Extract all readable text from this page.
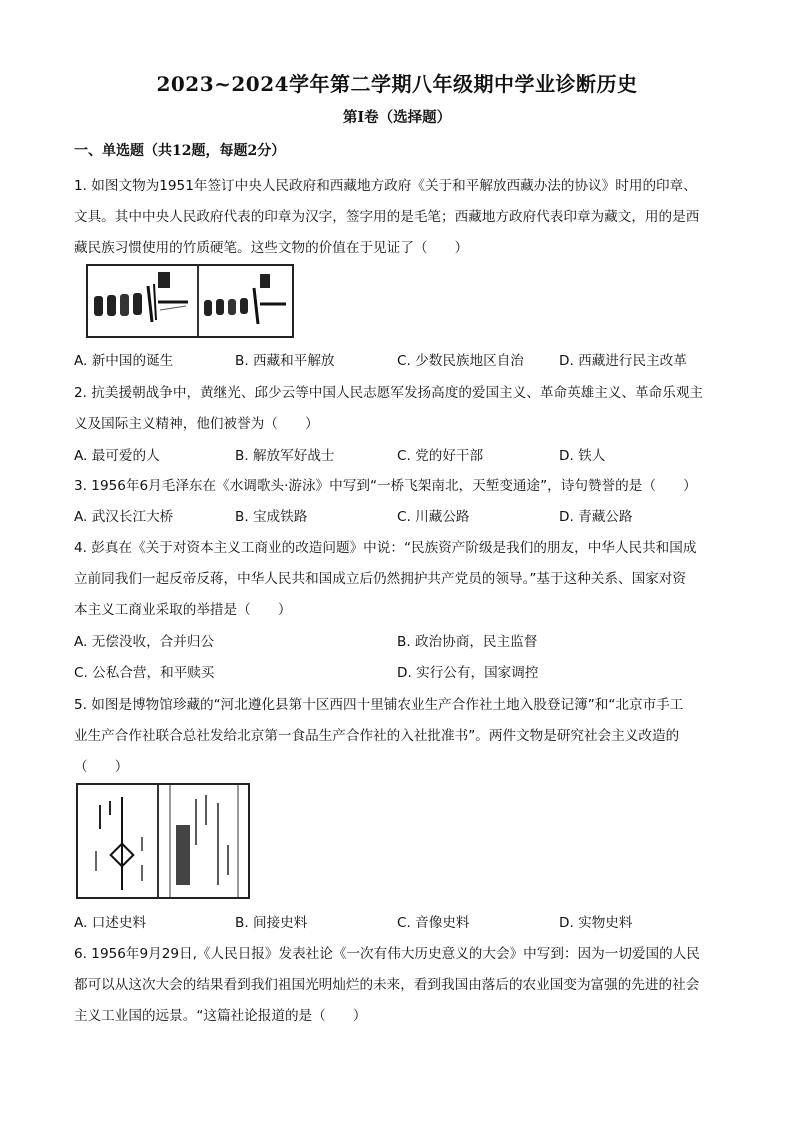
2023~2024学年第二学期八年级期中学业诊断历史
第Ⅰ卷（选择题）
一、单选题（共12题，每题2分）
1. 如图文物为1951年签订中央人民政府和西藏地方政府《关于和平解放西藏办法的协议》时用的印章、
文具。其中中央人民政府代表的印章为汉字，签字用的是毛笔；西藏地方政府代表印章为藏文，用的是西
藏民族习惯使用的竹质硬笔。这些文物的价值在于见证了（　　）
A. 新中国的诞生	B. 西藏和平解放	C. 少数民族地区自治	D. 西藏进行民主改革
2. 抗美援朝战争中，黄继光、邱少云等中国人民志愿军发扬高度的爱国主义、革命英雄主义、革命乐观主
义及国际主义精神，他们被誉为（　　）
A. 最可爱的人	B. 解放军好战士	C. 党的好干部	D. 铁人
3. 1956年6月毛泽东在《水调歌头·游泳》中写到“一桥飞架南北，天堑变通途”，诗句赞誉的是（　　）
A. 武汉长江大桥	B. 宝成铁路	C. 川藏公路	D. 青藏公路
4. 彭真在《关于对资本主义工商业的改造问题》中说：“民族资产阶级是我们的朋友，中华人民共和国成
立前同我们一起反帝反蒋，中华人民共和国成立后仍然拥护共产党员的领导。”基于这种关系、国家对资
本主义工商业采取的举措是（　　）
A. 无偿没收，合并归公	B. 政治协商，民主监督
C. 公私合营，和平赎买	D. 实行公有，国家调控
5. 如图是博物馆珍藏的“河北遵化县第十区西四十里铺农业生产合作社土地入股登记簿”和“北京市手工
业生产合作社联合总社发给北京第一食品生产合作社的入社批准书”。两件文物是研究社会主义改造的
（　　）
A. 口述史料	B. 间接史料	C. 音像史料	D. 实物史料
6. 1956年9月29日,《人民日报》发表社论《一次有伟大历史意义的大会》中写到：因为一切爱国的人民
都可以从这次大会的结果看到我们祖国光明灿烂的未来，看到我国由落后的农业国变为富强的先进的社会
主义工业国的远景。“这篇社论报道的是（　　）
